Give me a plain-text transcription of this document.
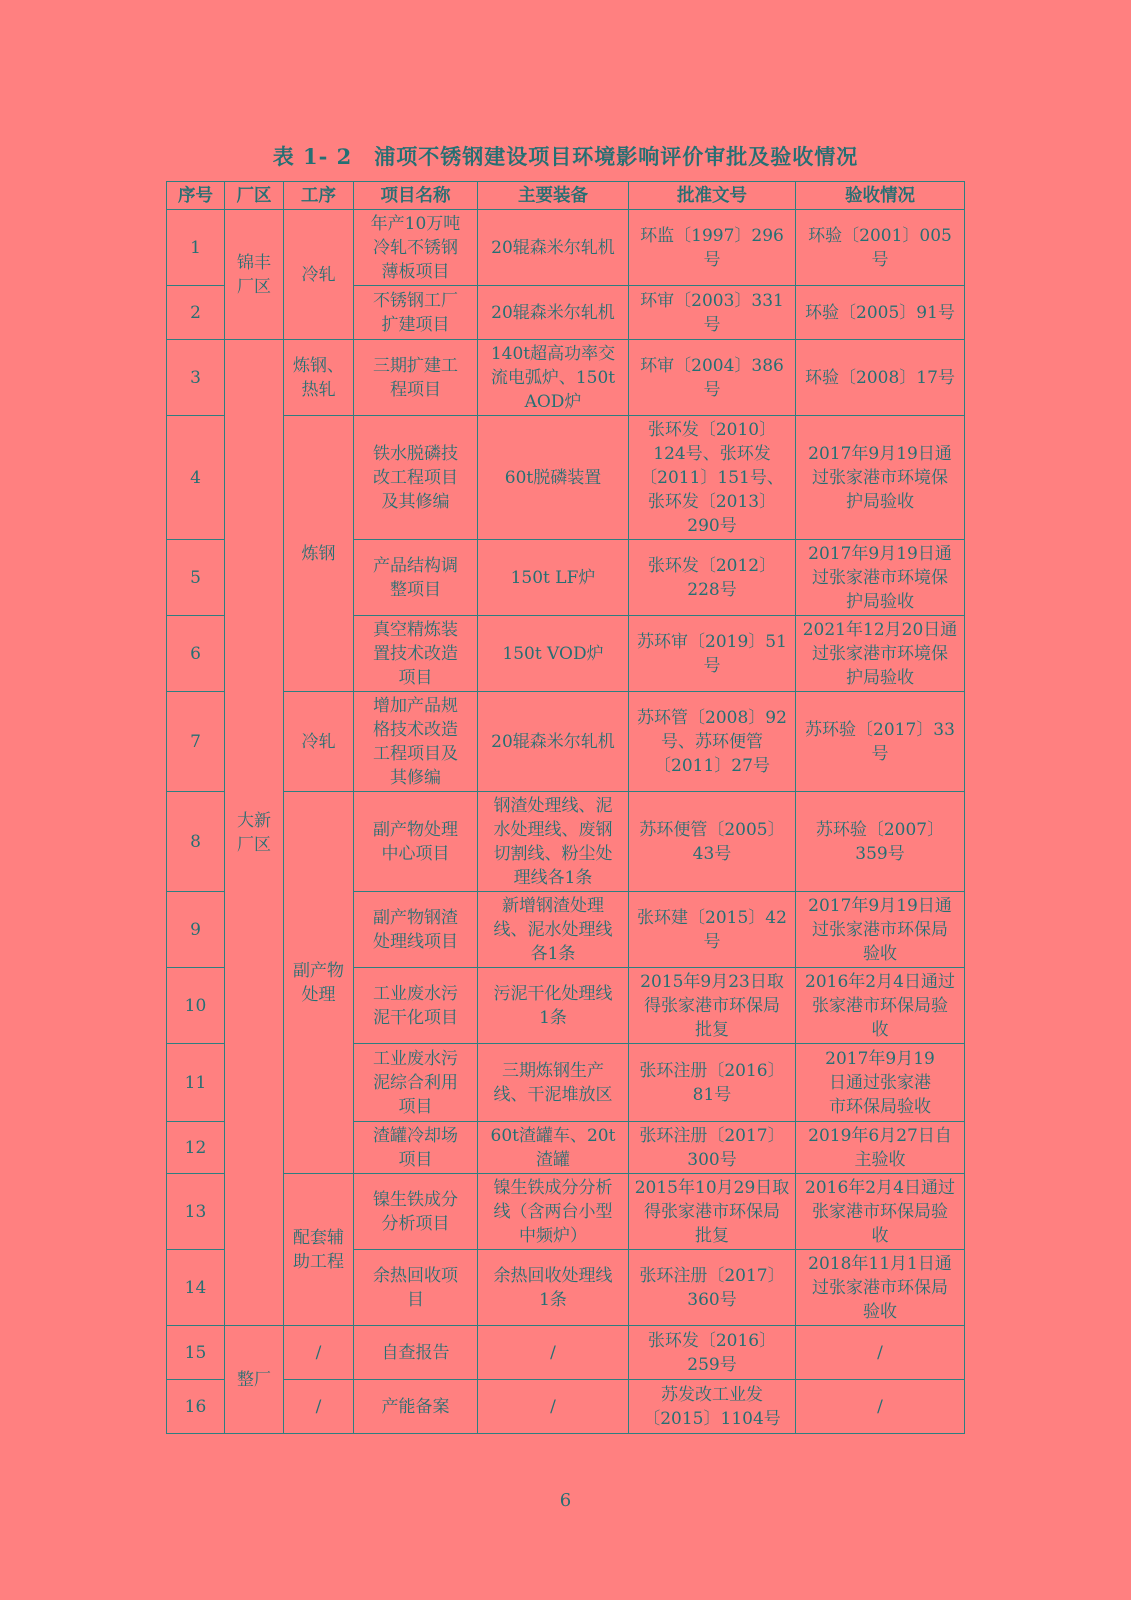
表 1- 2　浦项不锈钢建设项目环境影响评价审批及验收情况
序号	厂区	工序	项目名称	主要装备	批准文号	验收情况
1	锦丰
厂区	冷轧	年产10万吨
冷轧不锈钢
薄板项目	20辊森米尔轧机	环监〔1997〕296
号	环验〔2001〕005
号
2			不锈钢工厂
扩建项目	20辊森米尔轧机	环审〔2003〕331
号	环验〔2005〕91号
3	大新
厂区	炼钢、
热轧	三期扩建工
程项目	140t超高功率交
流电弧炉、150t
AOD炉	环审〔2004〕386
号	环验〔2008〕17号
4		炼钢	铁水脱磷技
改工程项目
及其修编	60t脱磷装置	张环发〔2010〕
124号、张环发
〔2011〕151号、
张环发〔2013〕
290号	2017年9月19日通
过张家港市环境保
护局验收
5			产品结构调
整项目	150t LF炉	张环发〔2012〕
228号	2017年9月19日通
过张家港市环境保
护局验收
6			真空精炼装
置技术改造
项目	150t VOD炉	苏环审〔2019〕51
号	2021年12月20日通
过张家港市环境保
护局验收
7		冷轧	增加产品规
格技术改造
工程项目及
其修编	20辊森米尔轧机	苏环管〔2008〕92
号、苏环便管
〔2011〕27号	苏环验〔2017〕33
号
8		副产物
处理	副产物处理
中心项目	钢渣处理线、泥
水处理线、废钢
切割线、粉尘处
理线各1条	苏环便管〔2005〕
43号	苏环验〔2007〕
359号
9			副产物钢渣
处理线项目	新增钢渣处理
线、泥水处理线
各1条	张环建〔2015〕42
号	2017年9月19日通
过张家港市环保局
验收
10			工业废水污
泥干化项目	污泥干化处理线
1条	2015年9月23日取
得张家港市环保局
批复	2016年2月4日通过
张家港市环保局验
收
11			工业废水污
泥综合利用
项目	三期炼钢生产
线、干泥堆放区	张环注册〔2016〕
81号	2017年9月19
日通过张家港
市环保局验收
12			渣罐冷却场
项目	60t渣罐车、20t
渣罐	张环注册〔2017〕
300号	2019年6月27日自
主验收
13		配套辅
助工程	镍生铁成分
分析项目	镍生铁成分分析
线（含两台小型
中频炉）	2015年10月29日取
得张家港市环保局
批复	2016年2月4日通过
张家港市环保局验
收
14			余热回收项
目	余热回收处理线
1条	张环注册〔2017〕
360号	2018年11月1日通
过张家港市环保局
验收
15	整厂	/	自查报告	/	张环发〔2016〕
259号	/
16		/	产能备案	/	苏发改工业发
〔2015〕1104号	/
6
